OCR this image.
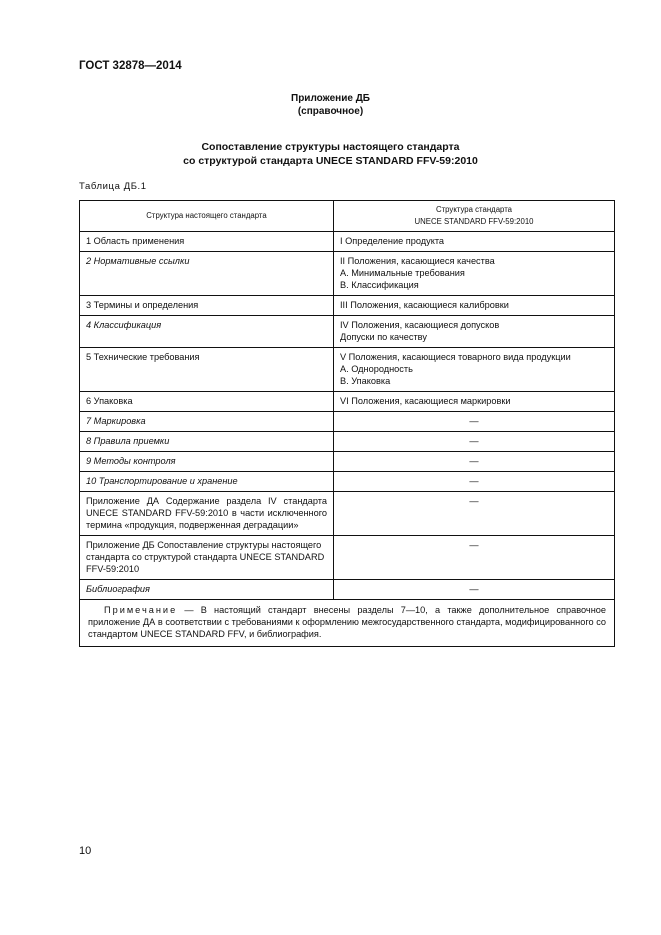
ГОСТ 32878—2014
Приложение ДБ
(справочное)
Сопоставление структуры настоящего стандарта
со структурой стандарта UNECE STANDARD FFV-59:2010
Таблица ДБ.1
Структура настоящего стандарта	Структура стандарта
UNECE STANDARD FFV-59:2010

1 Область применения	I Определение продукта

2 Нормативные ссылки	II Положения, касающиеся качества
А. Минимальные требования
В. Классификация

3 Термины и определения	III Положения, касающиеся калибровки

4 Классификация	IV Положения, касающиеся допусков
Допуски по качеству

5 Технические требования	V Положения, касающиеся товарного вида продукции
А. Однородность
В. Упаковка

6 Упаковка	VI Положения, касающиеся маркировки

7 Маркировка	—

8 Правила приемки	—

9 Методы контроля	—

10 Транспортирование и хранение	—

Приложение ДА Содержание раздела IV стандарта UNECE STANDARD FFV-59:2010 в части исключенного термина «продукция, подверженная деградации»	—

Приложение ДБ Сопоставление структуры настоящего стандарта со структурой стандарта UNECE STANDARD FFV-59:2010	—

Библиография	—

Примечание — В настоящий стандарт внесены разделы 7—10, а также дополнительное справочное приложение ДА в соответствии с требованиями к оформлению межгосударственного стандарта, модифицированного со стандартом UNECE STANDARD FFV, и библиография.	
10
